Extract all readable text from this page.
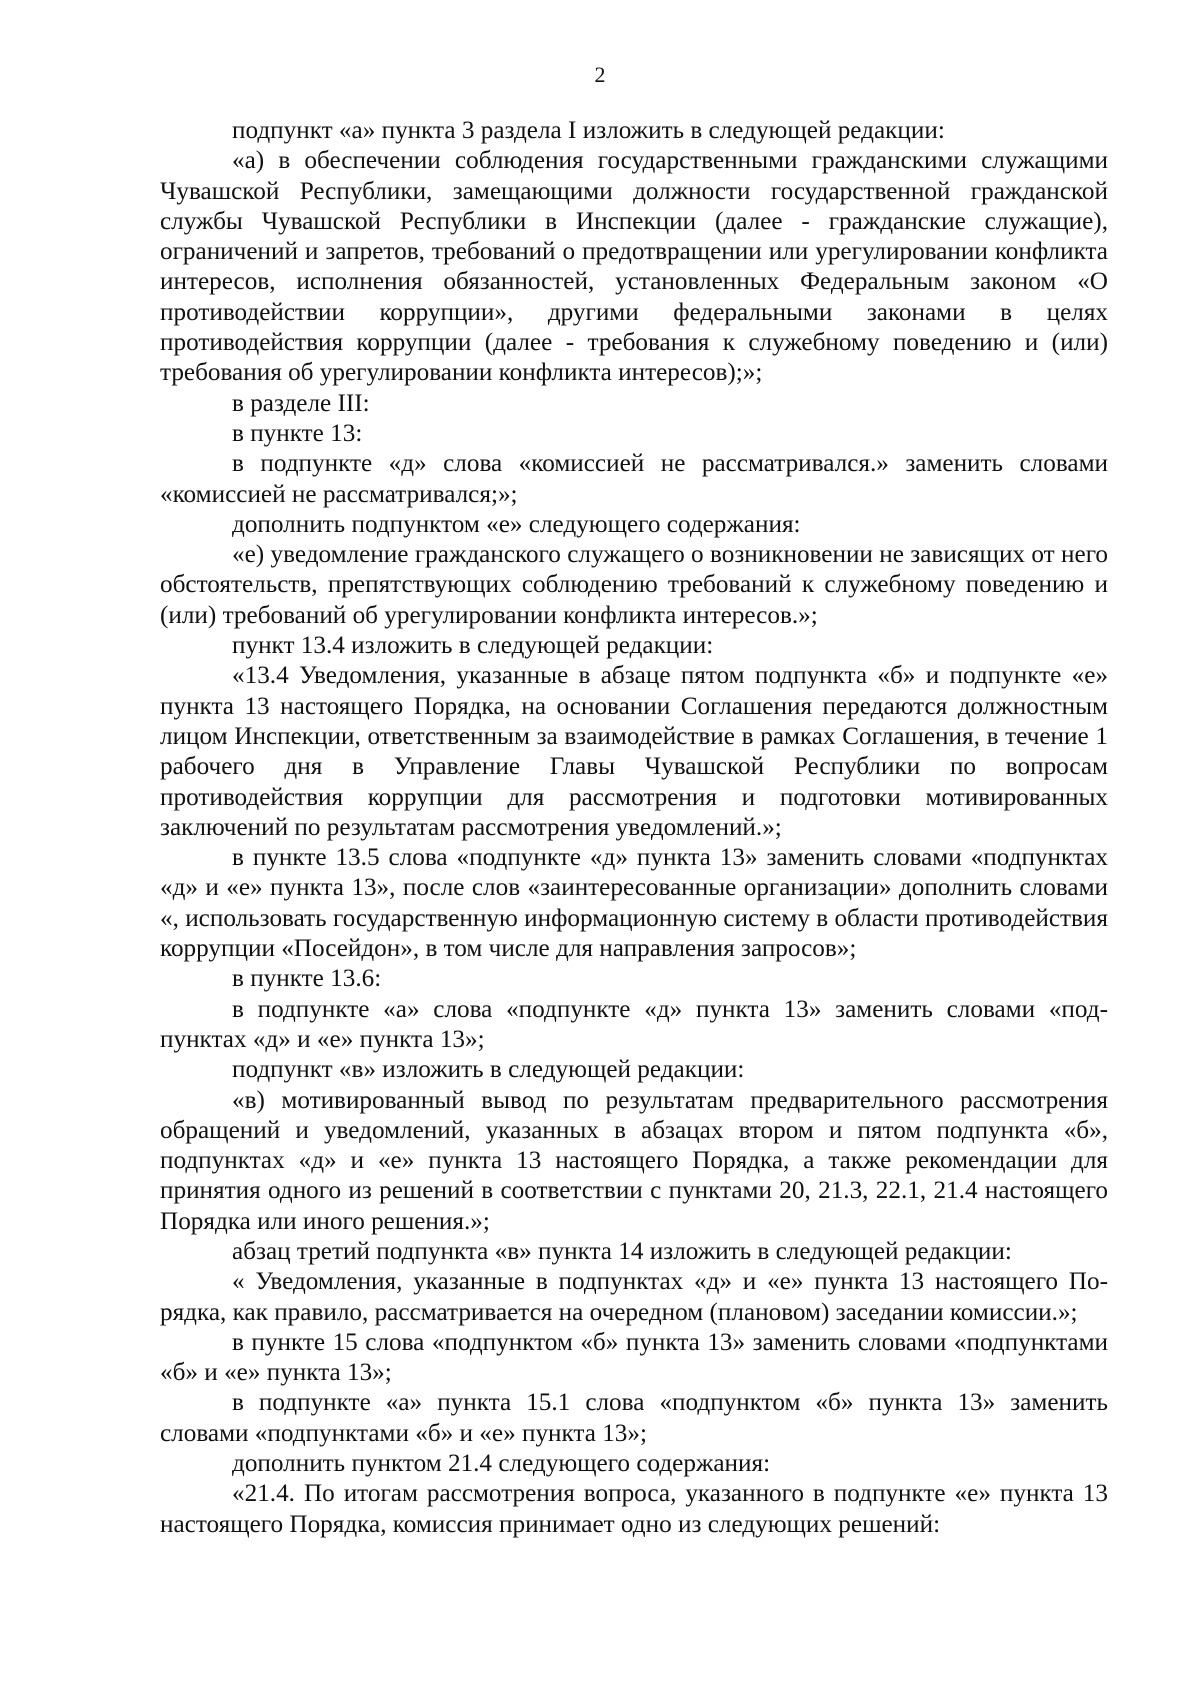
2

подпункт «а» пункта 3 раздела I изложить в следующей редакции:

«а) в обеспечении соблюдения государственными гражданскими служащими Чувашской Республики, замещающими должности государственной гражданской службы Чувашской Республики в Инспекции (далее - гражданские служащие), ограничений и запретов, требований о предотвращении или урегулировании конфликта интересов, исполнения обязанностей, установленных Федеральным законом «О противодействии коррупции», другими федеральными законами в целях противодействия коррупции (далее - требования к служебному поведению и (или) требования об урегулировании конфликта интересов);»;

в разделе III:

в пункте 13:

в подпункте «д» слова «комиссией не рассматривался.» заменить словами «комиссией не рассматривался;»;

дополнить подпунктом «е» следующего содержания:

«е) уведомление гражданского служащего о возникновении не зависящих от него обстоятельств, препятствующих соблюдению требований к служебному поведению и (или) требований об урегулировании конфликта интересов.»;

пункт 13.4 изложить в следующей редакции:

«13.4 Уведомления, указанные в абзаце пятом подпункта «б» и подпункте «е» пункта 13 настоящего Порядка, на основании Соглашения передаются должностным лицом Инспекции, ответственным за взаимодействие в рамках Соглашения, в течение 1 рабочего дня в Управление Главы Чувашской Республики по вопросам противодействия коррупции для рассмотрения и подготовки мотивированных заключений по результатам рассмотрения уведомлений.»;

в пункте 13.5 слова «подпункте «д» пункта 13» заменить словами «подпунктах «д» и «е» пункта 13», после слов «заинтересованные организации» дополнить словами «, использовать государственную информационную систему в области противодействия коррупции «Посейдон», в том числе для направления запросов»;

в пункте 13.6:

в подпункте «а» слова «подпункте «д» пункта 13» заменить словами «подпунктах «д» и «е» пункта 13»;

подпункт «в» изложить в следующей редакции:

«в) мотивированный вывод по результатам предварительного рассмотрения обращений и уведомлений, указанных в абзацах втором и пятом подпункта «б», подпунктах «д» и «е» пункта 13 настоящего Порядка, а также рекомендации для принятия одного из решений в соответствии с пунктами 20, 21.3, 22.1, 21.4 настоящего Порядка или иного решения.»;

абзац третий подпункта «в» пункта 14 изложить в следующей редакции:

« Уведомления, указанные в подпунктах «д» и «е» пункта 13 настоящего Порядка, как правило, рассматривается на очередном (плановом) заседании комиссии.»;

в пункте 15 слова «подпунктом «б» пункта 13» заменить словами «подпунктами «б» и «е» пункта 13»;

в подпункте «а» пункта 15.1 слова «подпунктом «б» пункта 13» заменить словами «подпунктами «б» и «е» пункта 13»;

дополнить пунктом 21.4 следующего содержания:

«21.4. По итогам рассмотрения вопроса, указанного в подпункте «е» пункта 13 настоящего Порядка, комиссия принимает одно из следующих решений:
